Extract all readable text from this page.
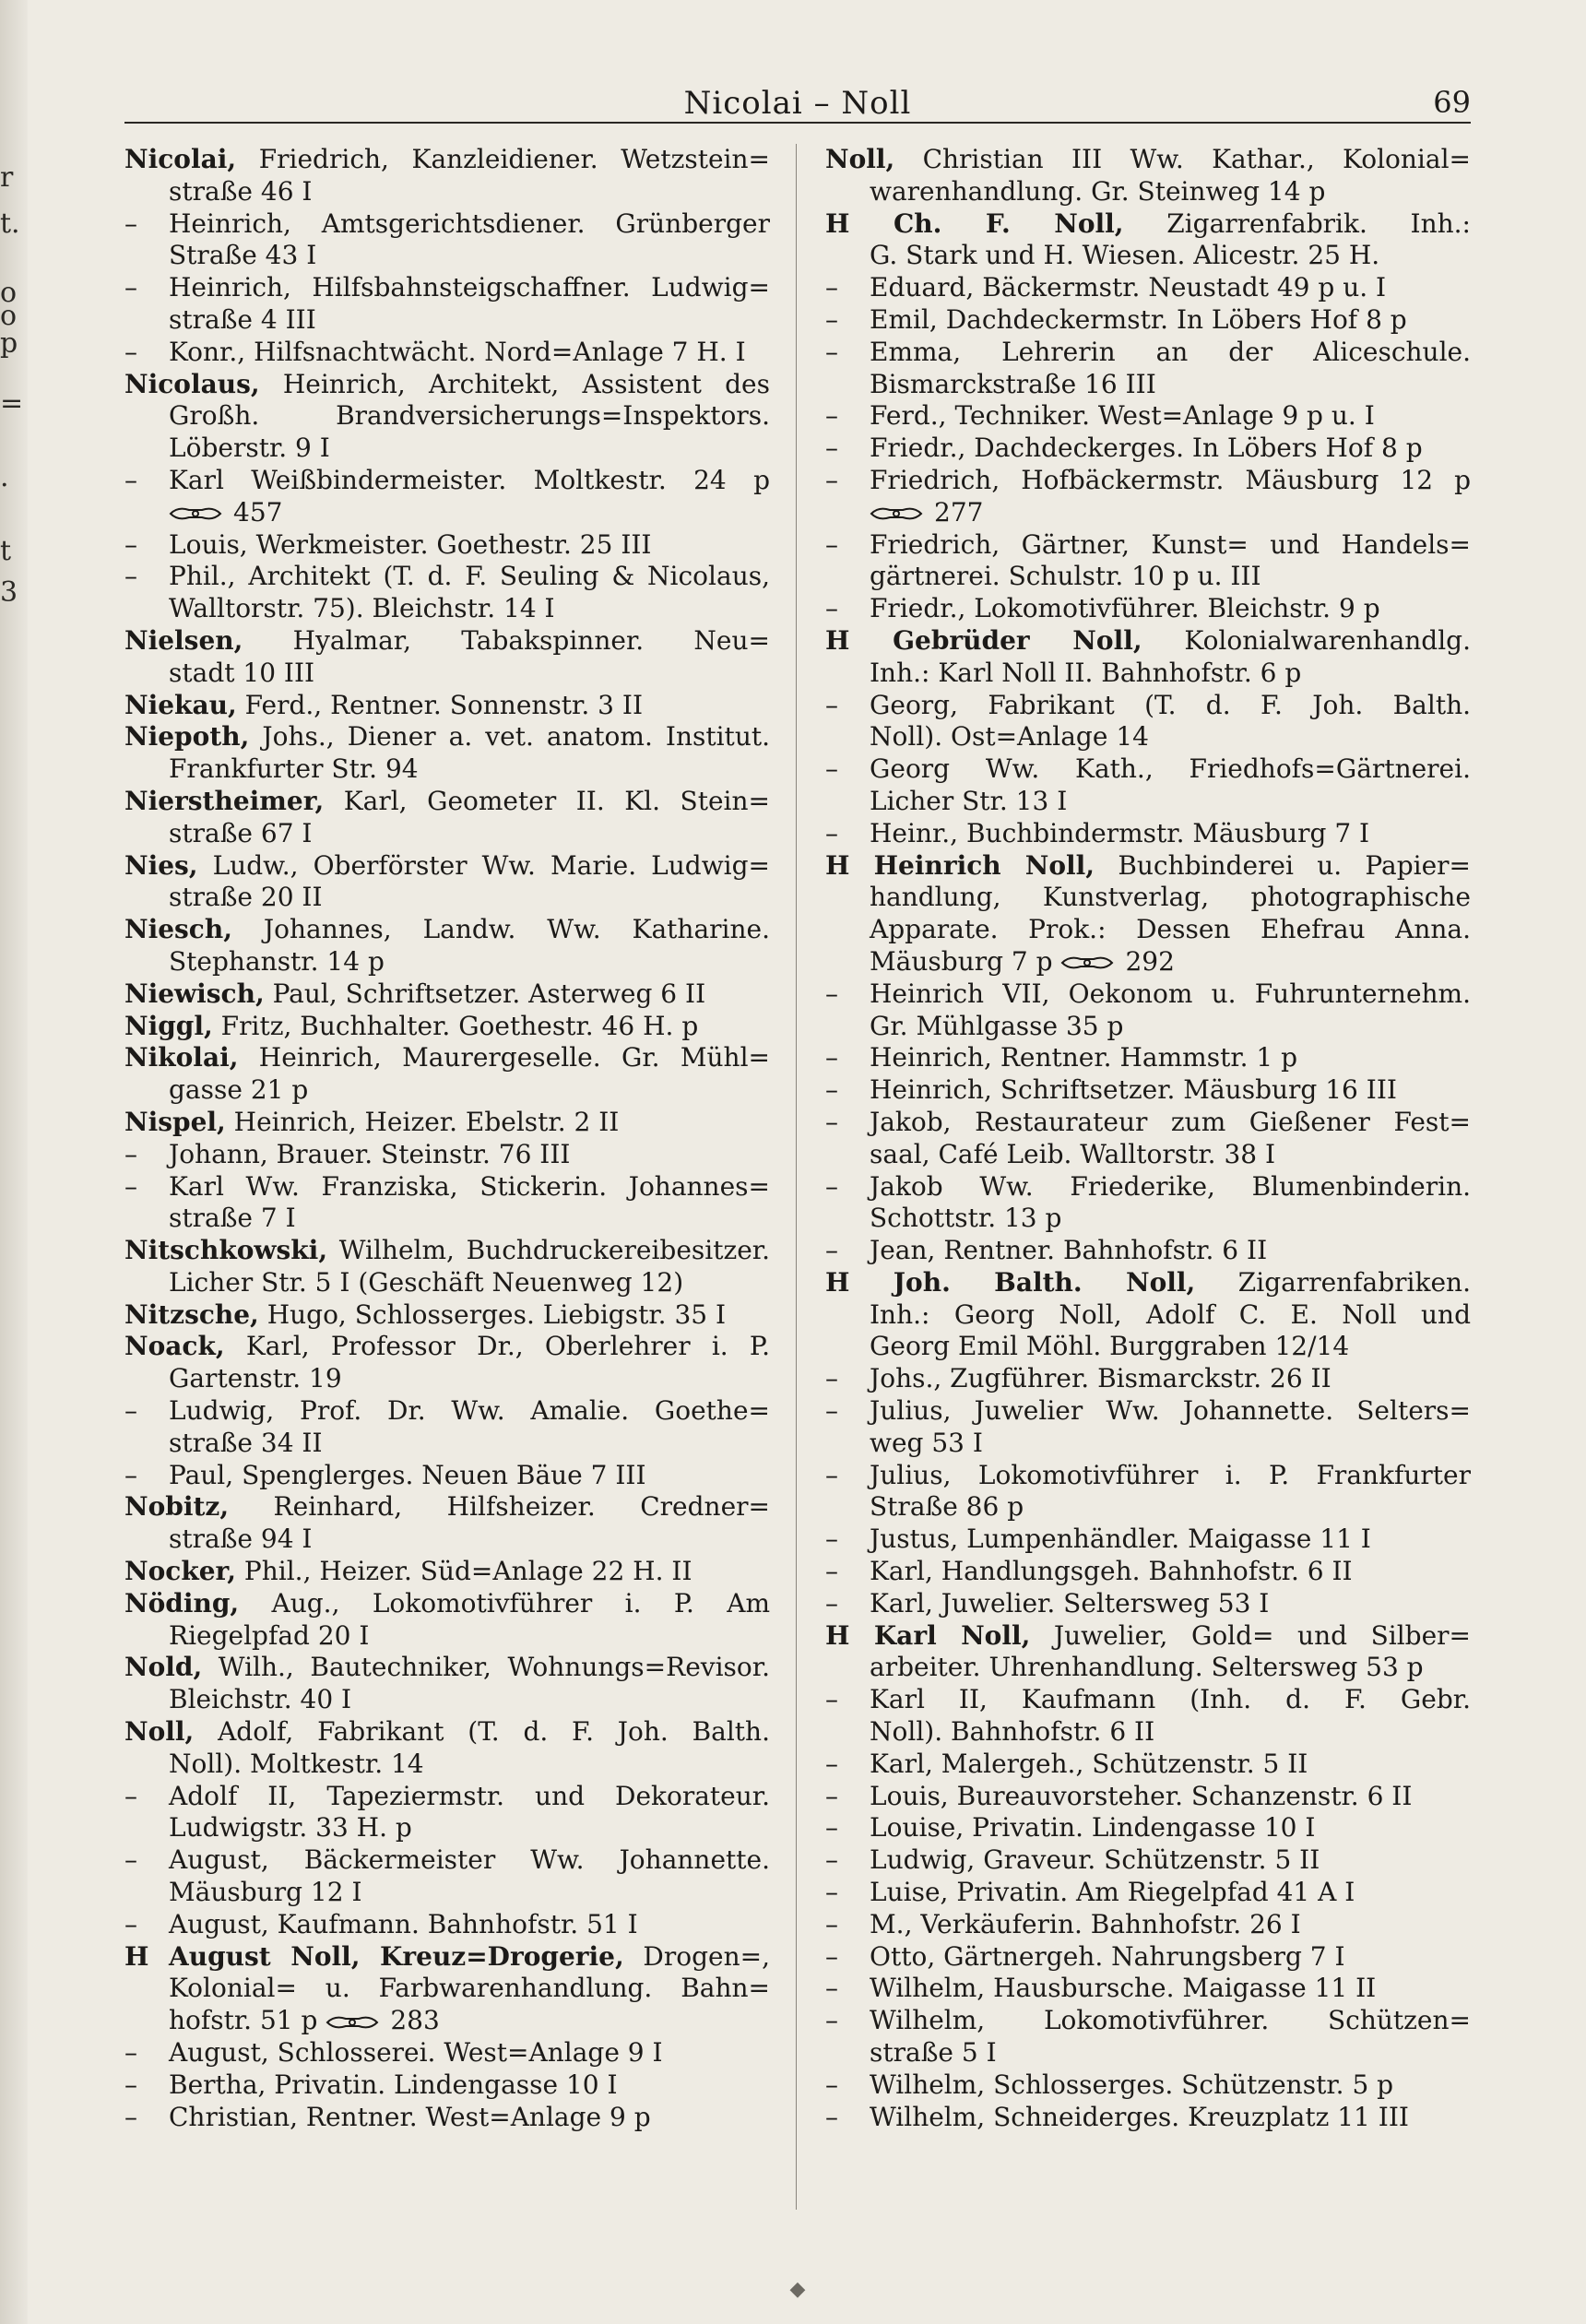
r
t.
o
o
p
=
.
t
3
Nicolai – Noll	69
Nicolai, Friedrich, Kanzleidiener. Wetzstein=
straße 46 I
– Heinrich, Amtsgerichtsdiener. Grünberger
Straße 43 I
– Heinrich, Hilfsbahnsteigschaffner. Ludwig=
straße 4 III
– Konr., Hilfsnachtwächt. Nord=Anlage 7 H. I
Nicolaus, Heinrich, Architekt, Assistent des
Großh. Brandversicherungs=Inspektors.
Löberstr. 9 I
– Karl Weißbindermeister. Moltkestr. 24 p
457
– Louis, Werkmeister. Goethestr. 25 III
– Phil., Architekt (T. d. F. Seuling & Nicolaus,
Walltorstr. 75). Bleichstr. 14 I
Nielsen, Hyalmar, Tabakspinner. Neu=
stadt 10 III
Niekau, Ferd., Rentner. Sonnenstr. 3 II
Niepoth, Johs., Diener a. vet. anatom. Institut.
Frankfurter Str. 94
Nierstheimer, Karl, Geometer II. Kl. Stein=
straße 67 I
Nies, Ludw., Oberförster Ww. Marie. Ludwig=
straße 20 II
Niesch, Johannes, Landw. Ww. Katharine.
Stephanstr. 14 p
Niewisch, Paul, Schriftsetzer. Asterweg 6 II
Niggl, Fritz, Buchhalter. Goethestr. 46 H. p
Nikolai, Heinrich, Maurergeselle. Gr. Mühl=
gasse 21 p
Nispel, Heinrich, Heizer. Ebelstr. 2 II
– Johann, Brauer. Steinstr. 76 III
– Karl Ww. Franziska, Stickerin. Johannes=
straße 7 I
Nitschkowski, Wilhelm, Buchdruckereibesitzer.
Licher Str. 5 I (Geschäft Neuenweg 12)
Nitzsche, Hugo, Schlosserges. Liebigstr. 35 I
Noack, Karl, Professor Dr., Oberlehrer i. P.
Gartenstr. 19
– Ludwig, Prof. Dr. Ww. Amalie. Goethe=
straße 34 II
– Paul, Spenglerges. Neuen Bäue 7 III
Nobitz, Reinhard, Hilfsheizer. Credner=
straße 94 I
Nocker, Phil., Heizer. Süd=Anlage 22 H. II
Nöding, Aug., Lokomotivführer i. P. Am
Riegelpfad 20 I
Nold, Wilh., Bautechniker, Wohnungs=Revisor.
Bleichstr. 40 I
Noll, Adolf, Fabrikant (T. d. F. Joh. Balth.
Noll). Moltkestr. 14
– Adolf II, Tapeziermstr. und Dekorateur.
Ludwigstr. 33 H. p
– August, Bäckermeister Ww. Johannette.
Mäusburg 12 I
– August, Kaufmann. Bahnhofstr. 51 I
H August Noll, Kreuz=Drogerie, Drogen=,
Kolonial= u. Farbwarenhandlung. Bahn=
hofstr. 51 p	283
– August, Schlosserei. West=Anlage 9 I
– Bertha, Privatin. Lindengasse 10 I
– Christian, Rentner. West=Anlage 9 p
Noll, Christian III Ww. Kathar., Kolonial=
warenhandlung. Gr. Steinweg 14 p
H Ch. F. Noll, Zigarrenfabrik. Inh.:
G. Stark und H. Wiesen. Alicestr. 25 H.
– Eduard, Bäckermstr. Neustadt 49 p u. I
– Emil, Dachdeckermstr. In Löbers Hof 8 p
– Emma, Lehrerin an der Aliceschule.
Bismarckstraße 16 III
– Ferd., Techniker. West=Anlage 9 p u. I
– Friedr., Dachdeckerges. In Löbers Hof 8 p
– Friedrich, Hofbäckermstr. Mäusburg 12 p
277
– Friedrich, Gärtner, Kunst= und Handels=
gärtnerei. Schulstr. 10 p u. III
– Friedr., Lokomotivführer. Bleichstr. 9 p
H Gebrüder Noll, Kolonialwarenhandlg.
Inh.: Karl Noll II. Bahnhofstr. 6 p
– Georg, Fabrikant (T. d. F. Joh. Balth.
Noll). Ost=Anlage 14
– Georg Ww. Kath., Friedhofs=Gärtnerei.
Licher Str. 13 I
– Heinr., Buchbindermstr. Mäusburg 7 I
H Heinrich Noll, Buchbinderei u. Papier=
handlung, Kunstverlag, photographische
Apparate. Prok.: Dessen Ehefrau Anna.
Mäusburg 7 p	292
– Heinrich VII, Oekonom u. Fuhrunternehm.
Gr. Mühlgasse 35 p
– Heinrich, Rentner. Hammstr. 1 p
– Heinrich, Schriftsetzer. Mäusburg 16 III
– Jakob, Restaurateur zum Gießener Fest=
saal, Café Leib. Walltorstr. 38 I
– Jakob Ww. Friederike, Blumenbinderin.
Schottstr. 13 p
– Jean, Rentner. Bahnhofstr. 6 II
H Joh. Balth. Noll, Zigarrenfabriken.
Inh.: Georg Noll, Adolf C. E. Noll und
Georg Emil Möhl. Burggraben 12/14
– Johs., Zugführer. Bismarckstr. 26 II
– Julius, Juwelier Ww. Johannette. Selters=
weg 53 I
– Julius, Lokomotivführer i. P. Frankfurter
Straße 86 p
– Justus, Lumpenhändler. Maigasse 11 I
– Karl, Handlungsgeh. Bahnhofstr. 6 II
– Karl, Juwelier. Seltersweg 53 I
H Karl Noll, Juwelier, Gold= und Silber=
arbeiter. Uhrenhandlung. Seltersweg 53 p
– Karl II, Kaufmann (Inh. d. F. Gebr.
Noll). Bahnhofstr. 6 II
– Karl, Malergeh., Schützenstr. 5 II
– Louis, Bureauvorsteher. Schanzenstr. 6 II
– Louise, Privatin. Lindengasse 10 I
– Ludwig, Graveur. Schützenstr. 5 II
– Luise, Privatin. Am Riegelpfad 41 A I
– M., Verkäuferin. Bahnhofstr. 26 I
– Otto, Gärtnergeh. Nahrungsberg 7 I
– Wilhelm, Hausbursche. Maigasse 11 II
– Wilhelm, Lokomotivführer. Schützen=
straße 5 I
– Wilhelm, Schlosserges. Schützenstr. 5 p
– Wilhelm, Schneiderges. Kreuzplatz 11 III
◆
